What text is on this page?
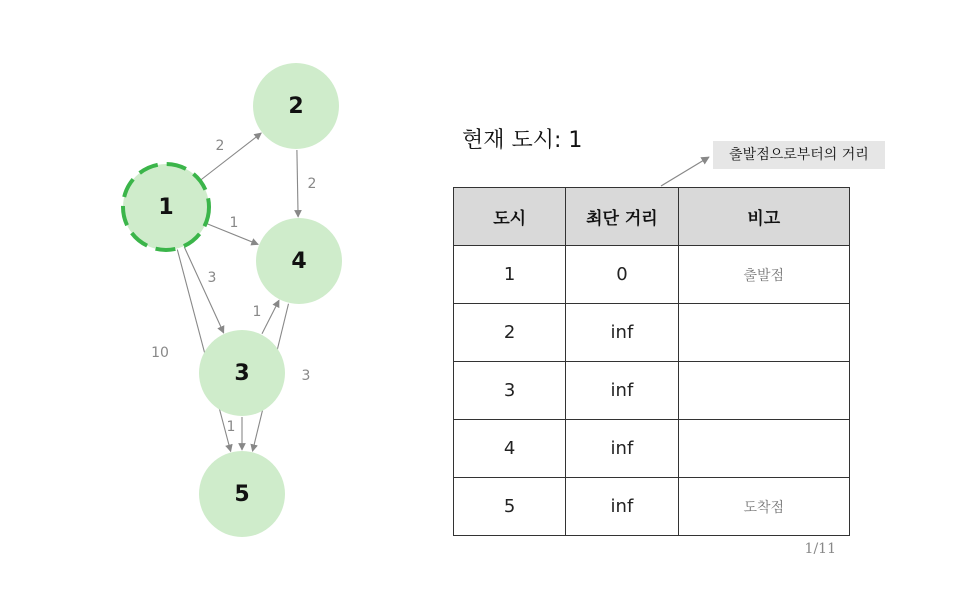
2
1
3
10
2
1
1
3
1
2
4
3
5
현재 도시: 1
출발점으로부터의 거리
도시	최단 거리	비고
1	0	출발점
2	inf	
3	inf	
4	inf	
5	inf	도착점
1/11
